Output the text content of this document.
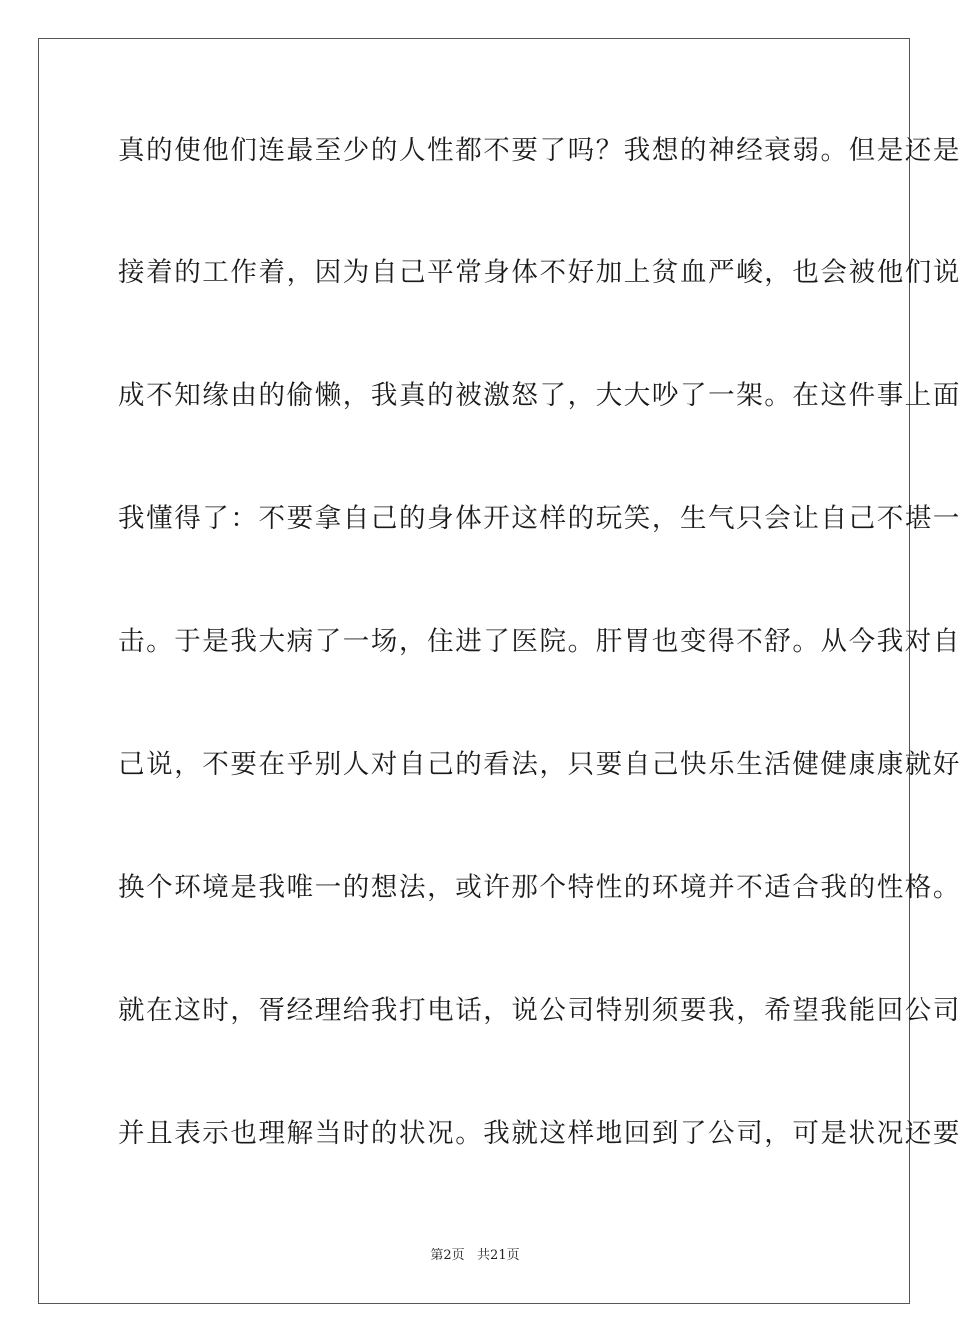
真的使他们连最至少的人性都不要了吗？我想的神经衰弱。但是还是
接着的工作着，因为自己平常身体不好加上贫血严峻，也会被他们说
成不知缘由的偷懒，我真的被激怒了，大大吵了一架。在这件事上面
我懂得了：不要拿自己的身体开这样的玩笑，生气只会让自己不堪一
击。于是我大病了一场，住进了医院。肝胃也变得不舒。从今我对自
己说，不要在乎别人对自己的看法，只要自己快乐生活健健康康就好
换个环境是我唯一的想法，或许那个特性的环境并不适合我的性格。
就在这时，胥经理给我打电话，说公司特别须要我，希望我能回公司
并且表示也理解当时的状况。我就这样地回到了公司，可是状况还要
第2页   共21页
